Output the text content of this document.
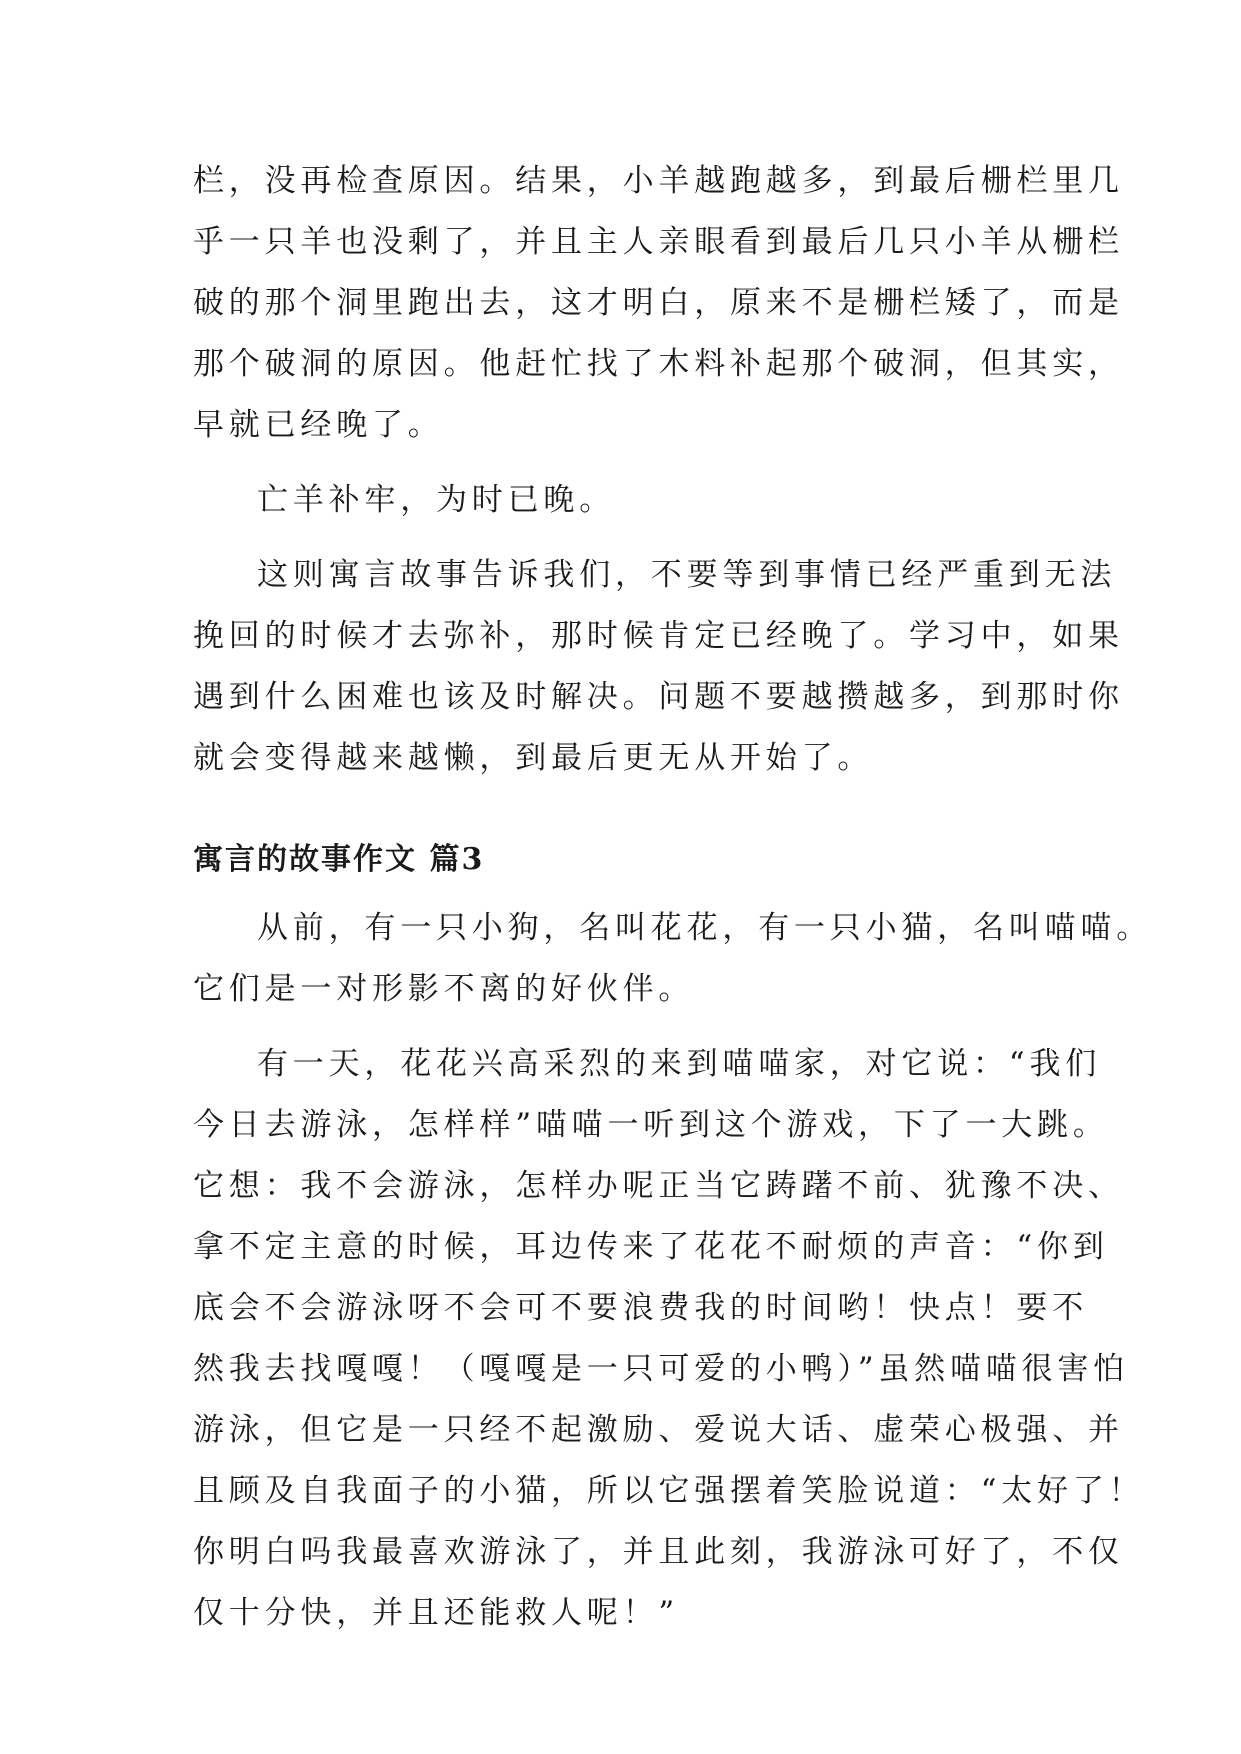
栏，没再检查原因。结果，小羊越跑越多，到最后栅栏里几
乎一只羊也没剩了，并且主人亲眼看到最后几只小羊从栅栏
破的那个洞里跑出去，这才明白，原来不是栅栏矮了，而是
那个破洞的原因。他赶忙找了木料补起那个破洞，但其实，
早就已经晚了。

亡羊补牢，为时已晚。

这则寓言故事告诉我们，不要等到事情已经严重到无法
挽回的时候才去弥补，那时候肯定已经晚了。学习中，如果
遇到什么困难也该及时解决。问题不要越攒越多，到那时你
就会变得越来越懒，到最后更无从开始了。

寓言的故事作文 篇3

从前，有一只小狗，名叫花花，有一只小猫，名叫喵喵。
它们是一对形影不离的好伙伴。

有一天，花花兴高采烈的来到喵喵家，对它说：“我们
今日去游泳，怎样样”喵喵一听到这个游戏，下了一大跳。
它想：我不会游泳，怎样办呢正当它踌躇不前、犹豫不决、
拿不定主意的时候，耳边传来了花花不耐烦的声音：“你到
底会不会游泳呀不会可不要浪费我的时间哟！快点！要不
然我去找嘎嘎！（嘎嘎是一只可爱的小鸭）”虽然喵喵很害怕
游泳，但它是一只经不起激励、爱说大话、虚荣心极强、并
且顾及自我面子的小猫，所以它强摆着笑脸说道：“太好了！
你明白吗我最喜欢游泳了，并且此刻，我游泳可好了，不仅
仅十分快，并且还能救人呢！”
